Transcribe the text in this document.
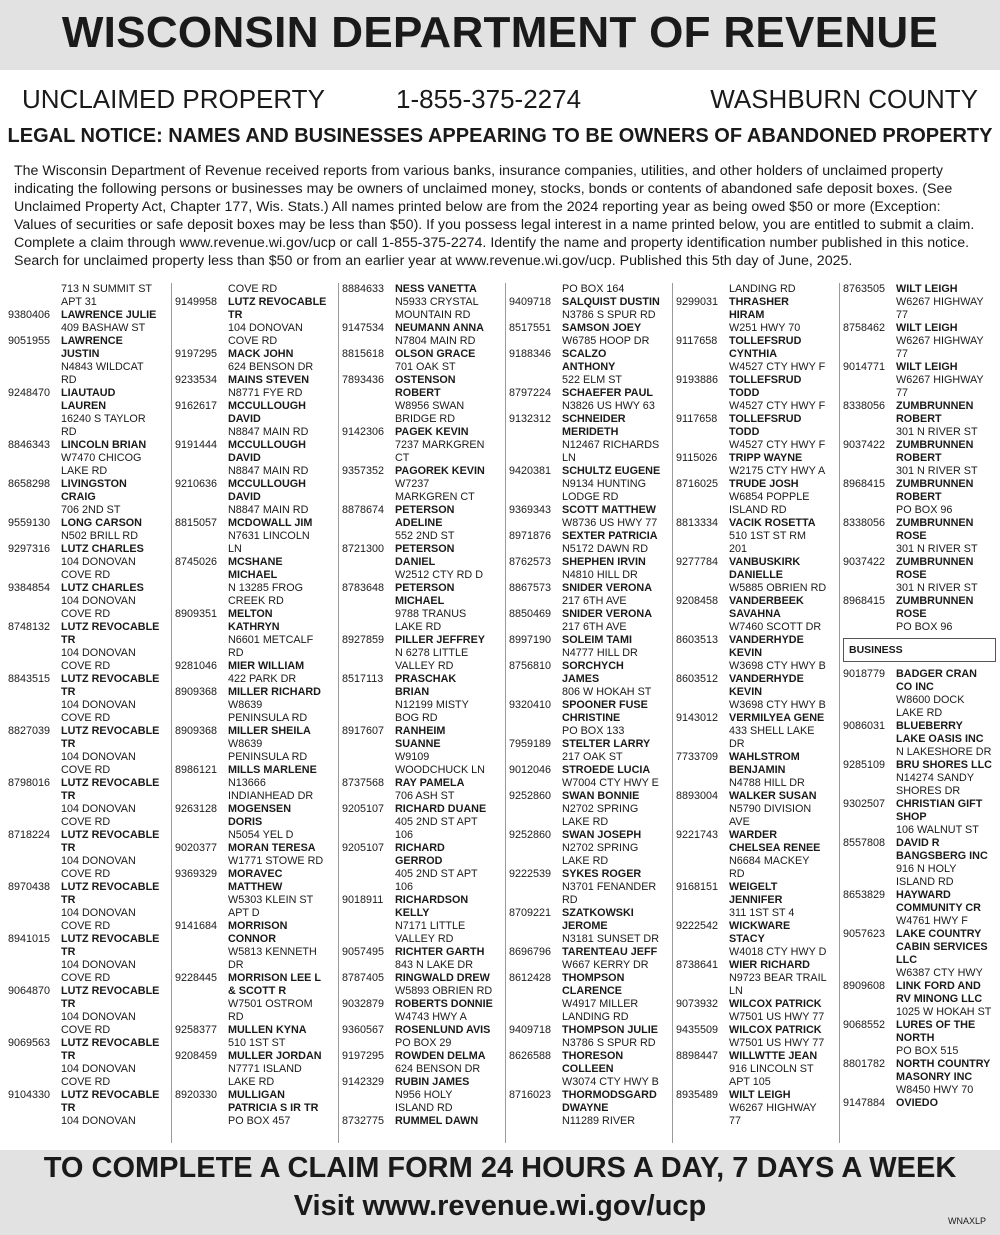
WISCONSIN DEPARTMENT OF REVENUE
UNCLAIMED PROPERTY	1-855-375-2274	WASHBURN COUNTY
LEGAL NOTICE: NAMES AND BUSINESSES APPEARING TO BE OWNERS OF ABANDONED PROPERTY
The Wisconsin Department of Revenue received reports from various banks, insurance companies, utilities, and other holders of unclaimed property
indicating the following persons or businesses may be owners of unclaimed money, stocks, bonds or contents of abandoned safe deposit boxes. (See
Unclaimed Property Act, Chapter 177, Wis. Stats.) All names printed below are from the 2024 reporting year as being owed $50 or more (Exception:
Values of securities or safe deposit boxes may be less than $50). If you possess legal interest in a name printed below, you are entitled to submit a claim.
Complete a claim through www.revenue.wi.gov/ucp or call 1-855-375-2274. Identify the name and property identification number published in this notice.
Search for unclaimed property less than $50 or from an earlier year at www.revenue.wi.gov/ucp. Published this 5th day of June, 2025.
713 N SUMMIT ST
APT 31
9380406 LAWRENCE JULIE
409 BASHAW ST
9051955 LAWRENCE
JUSTIN
N4843 WILDCAT
RD
9248470 LIAUTAUD
LAUREN
16240 S TAYLOR
RD
8846343 LINCOLN BRIAN
W7470 CHICOG
LAKE RD
8658298 LIVINGSTON
CRAIG
706 2ND ST
9559130 LONG CARSON
N502 BRILL RD
9297316 LUTZ CHARLES
104 DONOVAN
COVE RD
9384854 LUTZ CHARLES
104 DONOVAN
COVE RD
8748132 LUTZ REVOCABLE
TR
104 DONOVAN
COVE RD
8843515 LUTZ REVOCABLE
TR
104 DONOVAN
COVE RD
8827039 LUTZ REVOCABLE
TR
104 DONOVAN
COVE RD
8798016 LUTZ REVOCABLE
TR
104 DONOVAN
COVE RD
8718224 LUTZ REVOCABLE
TR
104 DONOVAN
COVE RD
8970438 LUTZ REVOCABLE
TR
104 DONOVAN
COVE RD
8941015 LUTZ REVOCABLE
TR
104 DONOVAN
COVE RD
9064870 LUTZ REVOCABLE
TR
104 DONOVAN
COVE RD
9069563 LUTZ REVOCABLE
TR
104 DONOVAN
COVE RD
9104330 LUTZ REVOCABLE
TR
104 DONOVAN
COVE RD
9149958 LUTZ REVOCABLE
TR
104 DONOVAN
COVE RD
9197295 MACK JOHN
624 BENSON DR
9233534 MAINS STEVEN
N8771 FYE RD
9162617 MCCULLOUGH
DAVID
N8847 MAIN RD
9191444 MCCULLOUGH
DAVID
N8847 MAIN RD
9210636 MCCULLOUGH
DAVID
N8847 MAIN RD
8815057 MCDOWALL JIM
N7631 LINCOLN
LN
8745026 MCSHANE
MICHAEL
N 13285 FROG
CREEK RD
8909351 MELTON
KATHRYN
N6601 METCALF
RD
9281046 MIER WILLIAM
422 PARK DR
8909368 MILLER RICHARD
W8639
PENINSULA RD
8909368 MILLER SHEILA
W8639
PENINSULA RD
8986121 MILLS MARLENE
N13666
INDIANHEAD DR
9263128 MOGENSEN
DORIS
N5054 YEL D
9020377 MORAN TERESA
W1771 STOWE RD
9369329 MORAVEC
MATTHEW
W5303 KLEIN ST
APT D
9141684 MORRISON
CONNOR
W5813 KENNETH
DR
9228445 MORRISON LEE L
& SCOTT R
W7501 OSTROM
RD
9258377 MULLEN KYNA
510 1ST ST
9208459 MULLER JORDAN
N7771 ISLAND
LAKE RD
8920330 MULLIGAN
PATRICIA S IR TR
PO BOX 457
8884633 NESS VANETTA
N5933 CRYSTAL
MOUNTAIN RD
9147534 NEUMANN ANNA
N7804 MAIN RD
8815618 OLSON GRACE
701 OAK ST
7893436 OSTENSON
ROBERT
W8956 SWAN
BRIDGE RD
9142306 PAGEK KEVIN
7237 MARKGREN
CT
9357352 PAGOREK KEVIN
W7237
MARKGREN CT
8878674 PETERSON
ADELINE
552 2ND ST
8721300 PETERSON
DANIEL
W2512 CTY RD D
8783648 PETERSON
MICHAEL
9788 TRANUS
LAKE RD
8927859 PILLER JEFFREY
N 6278 LITTLE
VALLEY RD
8517113 PRASCHAK
BRIAN
N12199 MISTY
BOG RD
8917607 RANHEIM
SUANNE
W9109
WOODCHUCK LN
8737568 RAY PAMELA
706 ASH ST
9205107 RICHARD DUANE
405 2ND ST APT
106
9205107 RICHARD
GERROD
405 2ND ST APT
106
9018911 RICHARDSON
KELLY
N7171 LITTLE
VALLEY RD
9057495 RICHTER GARTH
843 N LAKE DR
8787405 RINGWALD DREW
W5893 OBRIEN RD
9032879 ROBERTS DONNIE
W4743 HWY A
9360567 ROSENLUND AVIS
PO BOX 29
9197295 ROWDEN DELMA
624 BENSON DR
9142329 RUBIN JAMES
N956 HOLY
ISLAND RD
8732775 RUMMEL DAWN
PO BOX 164
9409718 SALQUIST DUSTIN
N3786 S SPUR RD
8517551 SAMSON JOEY
W6785 HOOP DR
9188346 SCALZO
ANTHONY
522 ELM ST
8797224 SCHAEFER PAUL
N3826 US HWY 63
9132312 SCHNEIDER
MERIDETH
N12467 RICHARDS
LN
9420381 SCHULTZ EUGENE
N9134 HUNTING
LODGE RD
9369343 SCOTT MATTHEW
W8736 US HWY 77
8971876 SEXTER PATRICIA
N5172 DAWN RD
8762573 SHEPHEN IRVIN
N4810 HILL DR
8867573 SNIDER VERONA
217 6TH AVE
8850469 SNIDER VERONA
217 6TH AVE
8997190 SOLEIM TAMI
N4777 HILL DR
8756810 SORCHYCH
JAMES
806 W HOKAH ST
9320410 SPOONER FUSE
CHRISTINE
PO BOX 133
7959189 STELTER LARRY
217 OAK ST
9012046 STROEDE LUCIA
W7004 CTY HWY E
9252860 SWAN BONNIE
N2702 SPRING
LAKE RD
9252860 SWAN JOSEPH
N2702 SPRING
LAKE RD
9222539 SYKES ROGER
N3701 FENANDER
RD
8709221 SZATKOWSKI
JEROME
N3181 SUNSET DR
8696796 TARENTEAU JEFF
W667 KERRY DR
8612428 THOMPSON
CLARENCE
W4917 MILLER
LANDING RD
9409718 THOMPSON JULIE
N3786 S SPUR RD
8626588 THORESON
COLLEEN
W3074 CTY HWY B
8716023 THORMODSGARD
DWAYNE
N11289 RIVER
LANDING RD
9299031 THRASHER
HIRAM
W251 HWY 70
9117658 TOLLEFSRUD
CYNTHIA
W4527 CTY HWY F
9193886 TOLLEFSRUD
TODD
W4527 CTY HWY F
9117658 TOLLEFSRUD
TODD
W4527 CTY HWY F
9115026 TRIPP WAYNE
W2175 CTY HWY A
8716025 TRUDE JOSH
W6854 POPPLE
ISLAND RD
8813334 VACIK ROSETTA
510 1ST ST RM
201
9277784 VANBUSKIRK
DANIELLE
W5885 OBRIEN RD
9208458 VANDERBEEK
SAVAHNA
W7460 SCOTT DR
8603513 VANDERHYDE
KEVIN
W3698 CTY HWY B
8603512 VANDERHYDE
KEVIN
W3698 CTY HWY B
9143012 VERMILYEA GENE
433 SHELL LAKE
DR
7733709 WAHLSTROM
BENJAMIN
N4788 HILL DR
8893004 WALKER SUSAN
N5790 DIVISION
AVE
9221743 WARDER
CHELSEA RENEE
N6684 MACKEY
RD
9168151 WEIGELT
JENNIFER
311 1ST ST 4
9222542 WICKWARE
STACY
W4018 CTY HWY D
8738641 WIER RICHARD
N9723 BEAR TRAIL
LN
9073932 WILCOX PATRICK
W7501 US HWY 77
9435509 WILCOX PATRICK
W7501 US HWY 77
8898447 WILLWTTE JEAN
916 LINCOLN ST
APT 105
8935489 WILT LEIGH
W6267 HIGHWAY
77
8763505 WILT LEIGH
W6267 HIGHWAY
77
8758462 WILT LEIGH
W6267 HIGHWAY
77
9014771 WILT LEIGH
W6267 HIGHWAY
77
8338056 ZUMBRUNNEN
ROBERT
301 N RIVER ST
9037422 ZUMBRUNNEN
ROBERT
301 N RIVER ST
8968415 ZUMBRUNNEN
ROBERT
PO BOX 96
8338056 ZUMBRUNNEN
ROSE
301 N RIVER ST
9037422 ZUMBRUNNEN
ROSE
301 N RIVER ST
8968415 ZUMBRUNNEN
ROSE
PO BOX 96
BUSINESS
9018779 BADGER CRAN
CO INC
W8600 DOCK
LAKE RD
9086031 BLUEBERRY
LAKE OASIS INC
N LAKESHORE DR
9285109 BRU SHORES LLC
N14274 SANDY
SHORES DR
9302507 CHRISTIAN GIFT
SHOP
106 WALNUT ST
8557808 DAVID R
BANGSBERG INC
916 N HOLY
ISLAND RD
8653829 HAYWARD
COMMUNITY CR
W4761 HWY F
9057623 LAKE COUNTRY
CABIN SERVICES
LLC
W6387 CTY HWY
8909608 LINK FORD AND
RV MINONG LLC
1025 W HOKAH ST
9068552 LURES OF THE
NORTH
PO BOX 515
8801782 NORTH COUNTRY
MASONRY INC
W8450 HWY 70
9147884 OVIEDO
TO COMPLETE A CLAIM FORM 24 HOURS A DAY, 7 DAYS A WEEK
Visit www.revenue.wi.gov/ucp	WNAXLP
